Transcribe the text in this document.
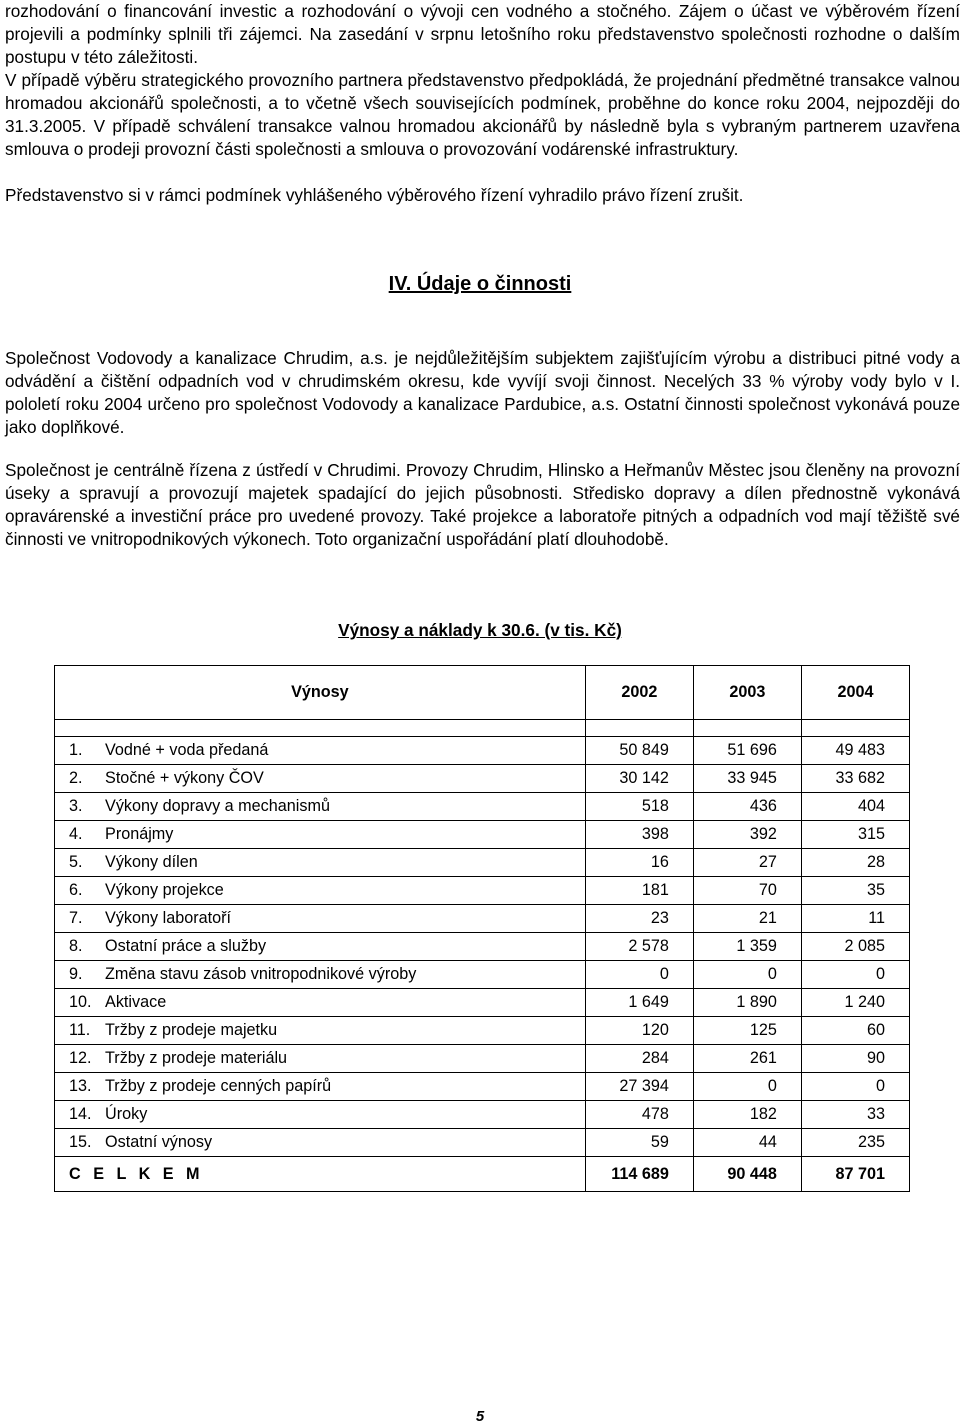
rozhodování o financování investic a rozhodování o vývoji cen vodného a stočného. Zájem o účast ve výběrovém řízení projevili a podmínky splnili tři zájemci. Na zasedání v srpnu letošního roku představenstvo společnosti rozhodne o dalším postupu v této záležitosti.

V případě výběru strategického provozního partnera představenstvo předpokládá, že projednání předmětné transakce valnou hromadou akcionářů společnosti, a to včetně všech souvisejících podmínek, proběhne do konce roku 2004, nejpozději do 31.3.2005. V případě schválení transakce valnou hromadou akcionářů by následně byla s vybraným partnerem uzavřena smlouva o prodeji provozní části společnosti a smlouva o provozování vodárenské infrastruktury.

Představenstvo si v rámci podmínek vyhlášeného výběrového řízení vyhradilo právo řízení zrušit.

IV. Údaje o činnosti

Společnost Vodovody a kanalizace Chrudim, a.s. je nejdůležitějším subjektem zajišťujícím výrobu a distribuci pitné vody a odvádění a čištění odpadních vod v chrudimském okresu, kde vyvíjí svoji činnost. Necelých 33 % výroby vody bylo v I. pololetí roku 2004 určeno pro společnost Vodovody a kanalizace Pardubice, a.s. Ostatní činnosti společnost vykonává pouze jako doplňkové.

Společnost je centrálně řízena z ústředí v Chrudimi. Provozy Chrudim, Hlinsko a Heřmanův Městec jsou členěny na provozní úseky a spravují a provozují majetek spadající do jejich působnosti. Středisko dopravy a dílen přednostně vykonává opravárenské a investiční práce pro uvedené provozy. Také projekce a laboratoře pitných a odpadních vod mají těžiště své činnosti ve vnitropodnikových výkonech. Toto organizační uspořádání platí dlouhodobě.

Výnosy a náklady k 30.6. (v tis. Kč)
Výnosy		2002	2003	2004

1.	Vodné + voda předaná	50 849	51 696	49 483
2.	Stočné + výkony ČOV	30 142	33 945	33 682
3.	Výkony dopravy a mechanismů	518	436	404
4.	Pronájmy	398	392	315
5.	Výkony dílen	16	27	28
6.	Výkony projekce	181	70	35
7.	Výkony laboratoří	23	21	11
8.	Ostatní práce a služby	2 578	1 359	2 085
9.	Změna stavu zásob vnitropodnikové výroby	0	0	0
10.	Aktivace	1 649	1 890	1 240
11.	Tržby z prodeje majetku	120	125	60
12.	Tržby z prodeje materiálu	284	261	90
13.	Tržby z prodeje cenných papírů	27 394	0	0
14.	Úroky	478	182	33
15.	Ostatní výnosy	59	44	235
C E L K E M		114 689	90 448	87 701
5
